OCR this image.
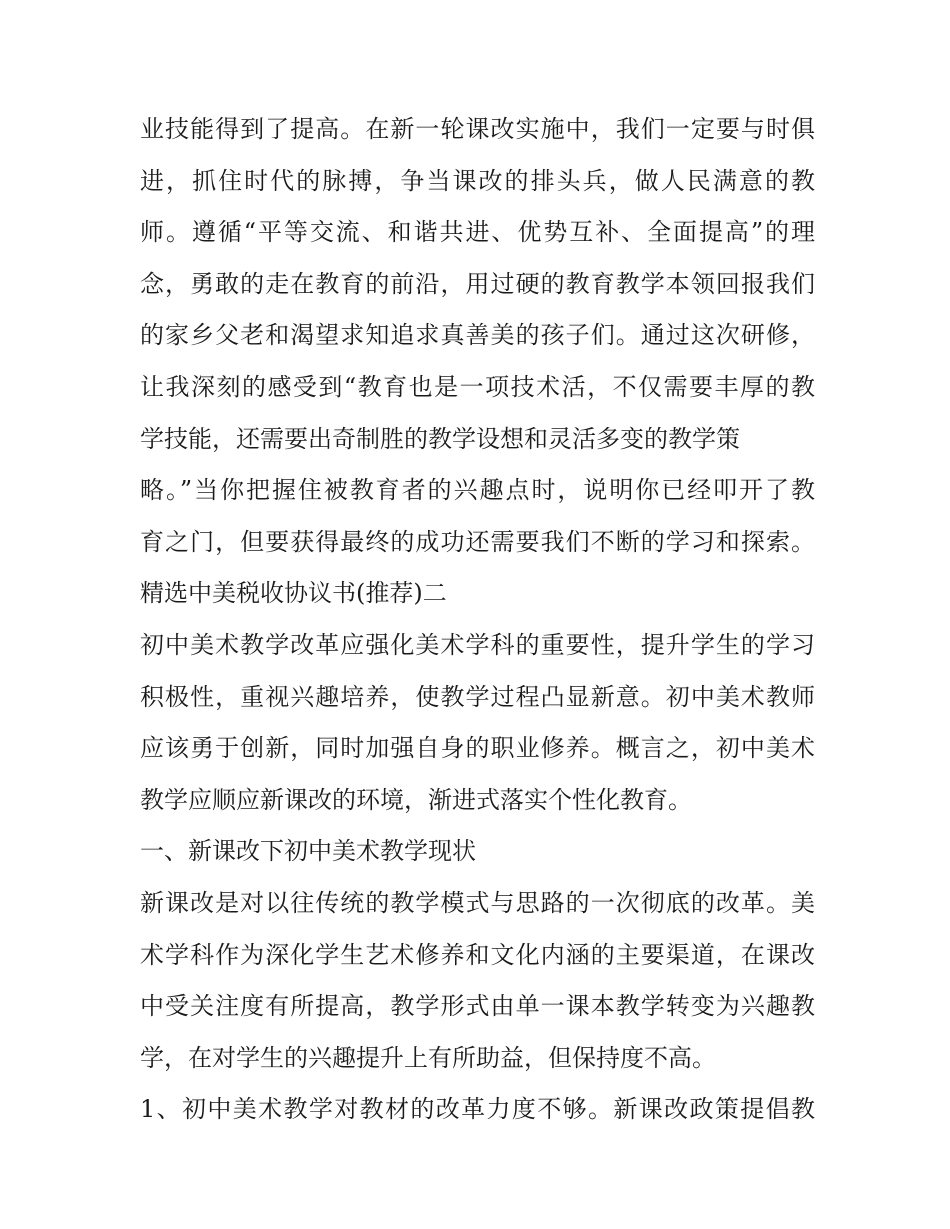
业技能得到了提高。在新一轮课改实施中，我们一定要与时俱
进，抓住时代的脉搏，争当课改的排头兵，做人民满意的教
师。遵循“平等交流、和谐共进、优势互补、全面提高”的理
念，勇敢的走在教育的前沿，用过硬的教育教学本领回报我们
的家乡父老和渴望求知追求真善美的孩子们。通过这次研修，
让我深刻的感受到“教育也是一项技术活，不仅需要丰厚的教
学技能，还需要出奇制胜的教学设想和灵活多变的教学策
略。”当你把握住被教育者的兴趣点时，说明你已经叩开了教
育之门，但要获得最终的成功还需要我们不断的学习和探索。
精选中美税收协议书(推荐)二
初中美术教学改革应强化美术学科的重要性，提升学生的学习
积极性，重视兴趣培养，使教学过程凸显新意。初中美术教师
应该勇于创新，同时加强自身的职业修养。概言之，初中美术
教学应顺应新课改的环境，渐进式落实个性化教育。
一、新课改下初中美术教学现状
新课改是对以往传统的教学模式与思路的一次彻底的改革。美
术学科作为深化学生艺术修养和文化内涵的主要渠道，在课改
中受关注度有所提高，教学形式由单一课本教学转变为兴趣教
学，在对学生的兴趣提升上有所助益，但保持度不高。
1、初中美术教学对教材的改革力度不够。新课改政策提倡教
